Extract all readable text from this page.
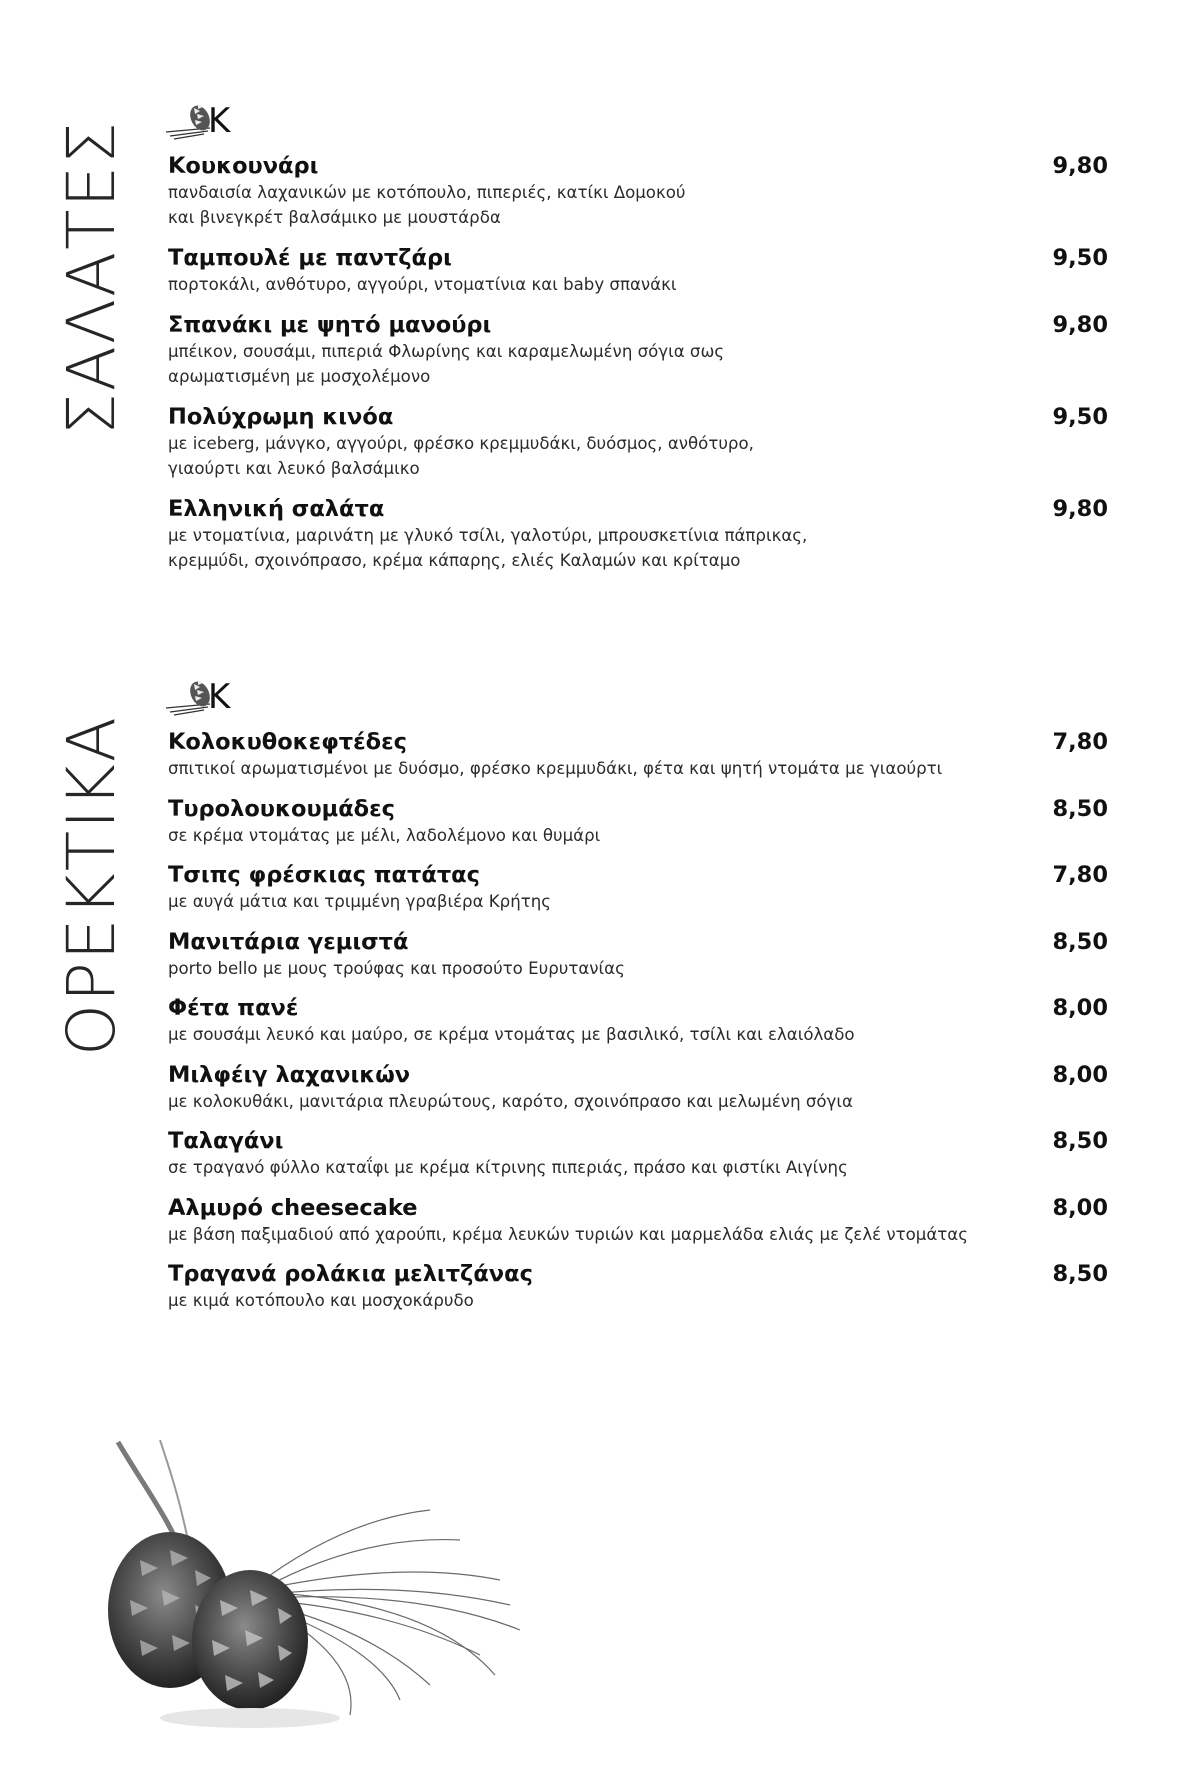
K
ΣΑΛΑΤΕΣ Κουκουνάρι	9,80
πανδαισία λαχανικών με κοτόπουλο, πιπεριές, κατίκι Δομοκού
και βινεγκρέτ βαλσάμικο με μουστάρδα
Ταμπουλέ με παντζάρι	9,50
πορτοκάλι, ανθότυρο, αγγούρι, ντοματίνια και baby σπανάκι
Σπανάκι με ψητό μανούρι	9,80
μπέικον, σουσάμι, πιπεριά Φλωρίνης και καραμελωμένη σόγια σως
αρωματισμένη με μοσχολέμονο
Πολύχρωμη κινόα	9,50
με iceberg, μάνγκο, αγγούρι, φρέσκο κρεμμυδάκι, δυόσμος, ανθότυρο,
γιαούρτι και λευκό βαλσάμικο
Ελληνική σαλάτα	9,80
με ντοματίνια, μαρινάτη με γλυκό τσίλι, γαλοτύρι, μπρουσκετίνια πάπρικας,
κρεμμύδι, σχοινόπρασο, κρέμα κάπαρης, ελιές Καλαμών και κρίταμο
K
ΟΡΕΚΤΙΚΑ Κολοκυθοκεφτέδες	7,80
σπιτικοί αρωματισμένοι με δυόσμο, φρέσκο κρεμμυδάκι, φέτα και ψητή ντομάτα με γιαούρτι
Τυρολουκουμάδες	8,50
σε κρέμα ντομάτας με μέλι, λαδολέμονο και θυμάρι
Τσιπς φρέσκιας πατάτας	7,80
με αυγά μάτια και τριμμένη γραβιέρα Κρήτης
Μανιτάρια γεμιστά	8,50
porto bello με μους τρούφας και προσούτο Ευρυτανίας
Φέτα πανέ	8,00
με σουσάμι λευκό και μαύρο, σε κρέμα ντομάτας με βασιλικό, τσίλι και ελαιόλαδο
Μιλφέιγ λαχανικών	8,00
με κολοκυθάκι, μανιτάρια πλευρώτους, καρότο, σχοινόπρασο και μελωμένη σόγια
Ταλαγάνι	8,50
σε τραγανό φύλλο καταΐφι με κρέμα κίτρινης πιπεριάς, πράσο και φιστίκι Αιγίνης
Αλμυρό cheesecake	8,00
με βάση παξιμαδιού από χαρούπι, κρέμα λευκών τυριών και μαρμελάδα ελιάς με ζελέ ντομάτας
Τραγανά ρολάκια μελιτζάνας	8,50
με κιμά κοτόπουλο και μοσχοκάρυδο
